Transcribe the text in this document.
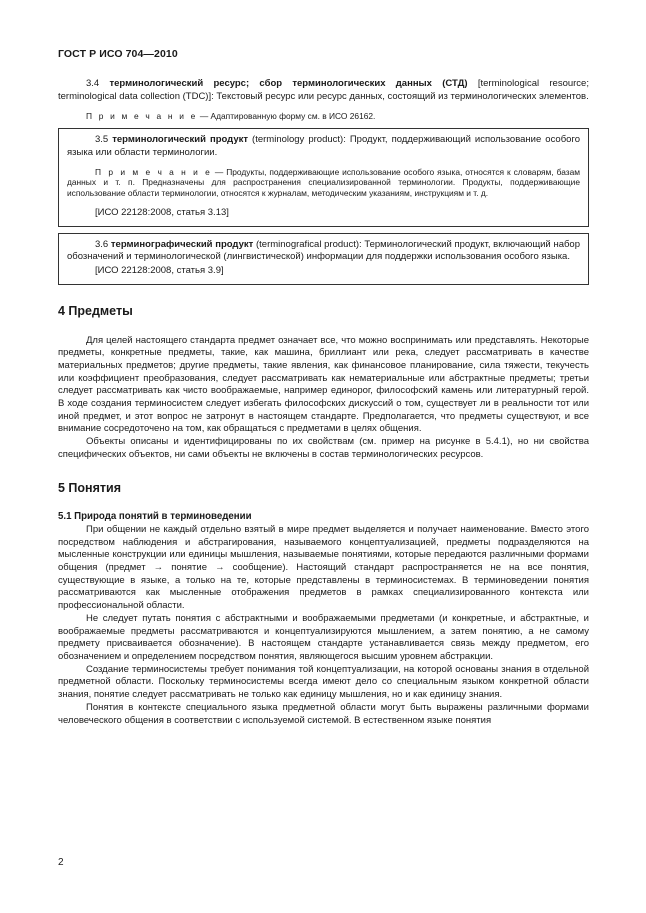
ГОСТ Р ИСО 704—2010

3.4 терминологический ресурс; сбор терминологических данных (СТД) [terminological resource; terminological data collection (TDC)]: Текстовый ресурс или ресурс данных, состоящий из терминологических элементов.

П р и м е ч а н и е — Адаптированную форму см. в ИСО 26162.

3.5 терминологический продукт (terminology product): Продукт, поддерживающий использование особого языка или области терминологии.

П р и м е ч а н и е — Продукты, поддерживающие использование особого языка, относятся к словарям, базам данных и т. п. Предназначены для распространения специализированной терминологии. Продукты, поддерживающие использование области терминологии, относятся к журналам, методическим указаниям, инструкциям и т. д.

[ИСО 22128:2008, статья 3.13]

3.6 терминографический продукт (terminografical product): Терминологический продукт, включающий набор обозначений и терминологической (лингвистической) информации для поддержки использования особого языка.

[ИСО 22128:2008, статья 3.9]

4 Предметы

Для целей настоящего стандарта предмет означает все, что можно воспринимать или представлять. Некоторые предметы, конкретные предметы, такие, как машина, бриллиант или река, следует рассматривать в качестве материальных предметов; другие предметы, такие явления, как финансовое планирование, сила тяжести, текучесть или коэффициент преобразования, следует рассматривать как нематериальные или абстрактные предметы; третьи следует рассматривать как чисто воображаемые, например единорог, философский камень или литературный герой. В ходе создания терминосистем следует избегать философских дискуссий о том, существует ли в реальности тот или иной предмет, и этот вопрос не затронут в настоящем стандарте. Предполагается, что предметы существуют, и все внимание сосредоточено на том, как обращаться с предметами в целях общения.

Объекты описаны и идентифицированы по их свойствам (см. пример на рисунке в 5.4.1), но ни свойства специфических объектов, ни сами объекты не включены в состав терминологических ресурсов.

5 Понятия
5.1 Природа понятий в терминоведении

При общении не каждый отдельно взятый в мире предмет выделяется и получает наименование. Вместо этого посредством наблюдения и абстрагирования, называемого концептуализацией, предметы подразделяются на мысленные конструкции или единицы мышления, называемые понятиями, которые передаются различными формами общения (предмет → понятие → сообщение). Настоящий стандарт распространяется не на все понятия, существующие в языке, а только на те, которые представлены в терминосистемах. В терминоведении понятия рассматриваются как мысленные отображения предметов в рамках специализированного контекста или профессиональной области.

Не следует путать понятия с абстрактными и воображаемыми предметами (и конкретные, и абстрактные, и воображаемые предметы рассматриваются и концептуализируются мышлением, а затем понятию, а не самому предмету присваивается обозначение). В настоящем стандарте устанавливается связь между предметом, его обозначением и определением посредством понятия, являющегося высшим уровнем абстракции.

Создание терминосистемы требует понимания той концептуализации, на которой основаны знания в отдельной предметной области. Поскольку терминосистемы всегда имеют дело со специальным языком конкретной области знания, понятие следует рассматривать не только как единицу мышления, но и как единицу знания.

Понятия в контексте специального языка предметной области могут быть выражены различными формами человеческого общения в соответствии с используемой системой. В естественном языке понятия

2
